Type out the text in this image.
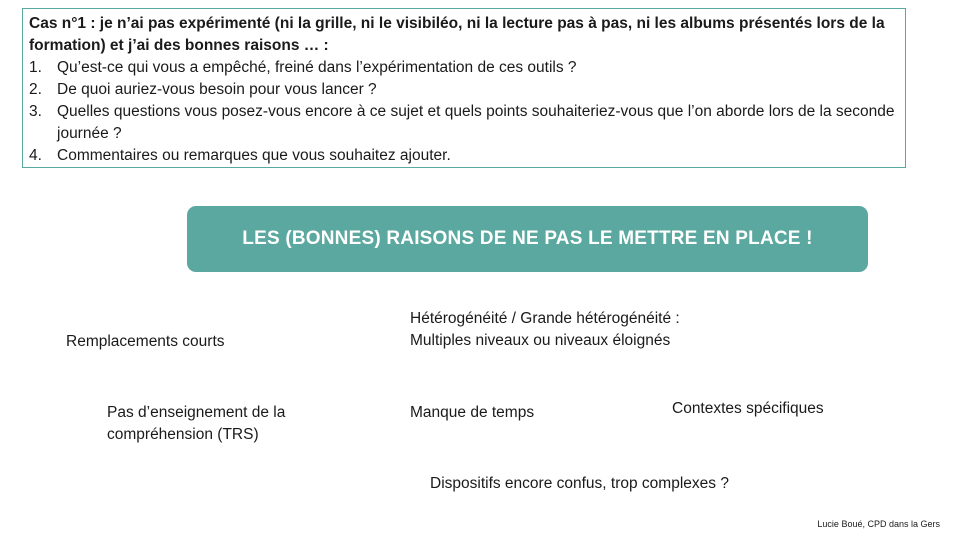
Cas n°1 : je n’ai pas expérimenté (ni la grille, ni le visibiléo, ni la lecture pas à pas, ni les albums présentés lors de la formation) et j’ai des bonnes raisons … :
1. Qu’est-ce qui vous a empêché, freiné dans l’expérimentation de ces outils ?
2. De quoi auriez-vous besoin pour vous lancer ?
3. Quelles questions vous posez-vous encore à ce sujet et quels points souhaiteriez-vous que l’on aborde lors de la seconde journée ?
4. Commentaires ou remarques que vous souhaitez ajouter.
LES (BONNES) RAISONS DE NE PAS LE METTRE EN PLACE !
Remplacements courts
Hétérogénéité / Grande hétérogénéité :
Multiples niveaux ou niveaux éloignés
Pas d’enseignement de la
compréhension (TRS)
Manque de temps	Contextes spécifiques
Dispositifs encore confus, trop complexes ?
Lucie Boué, CPD dans la Gers
